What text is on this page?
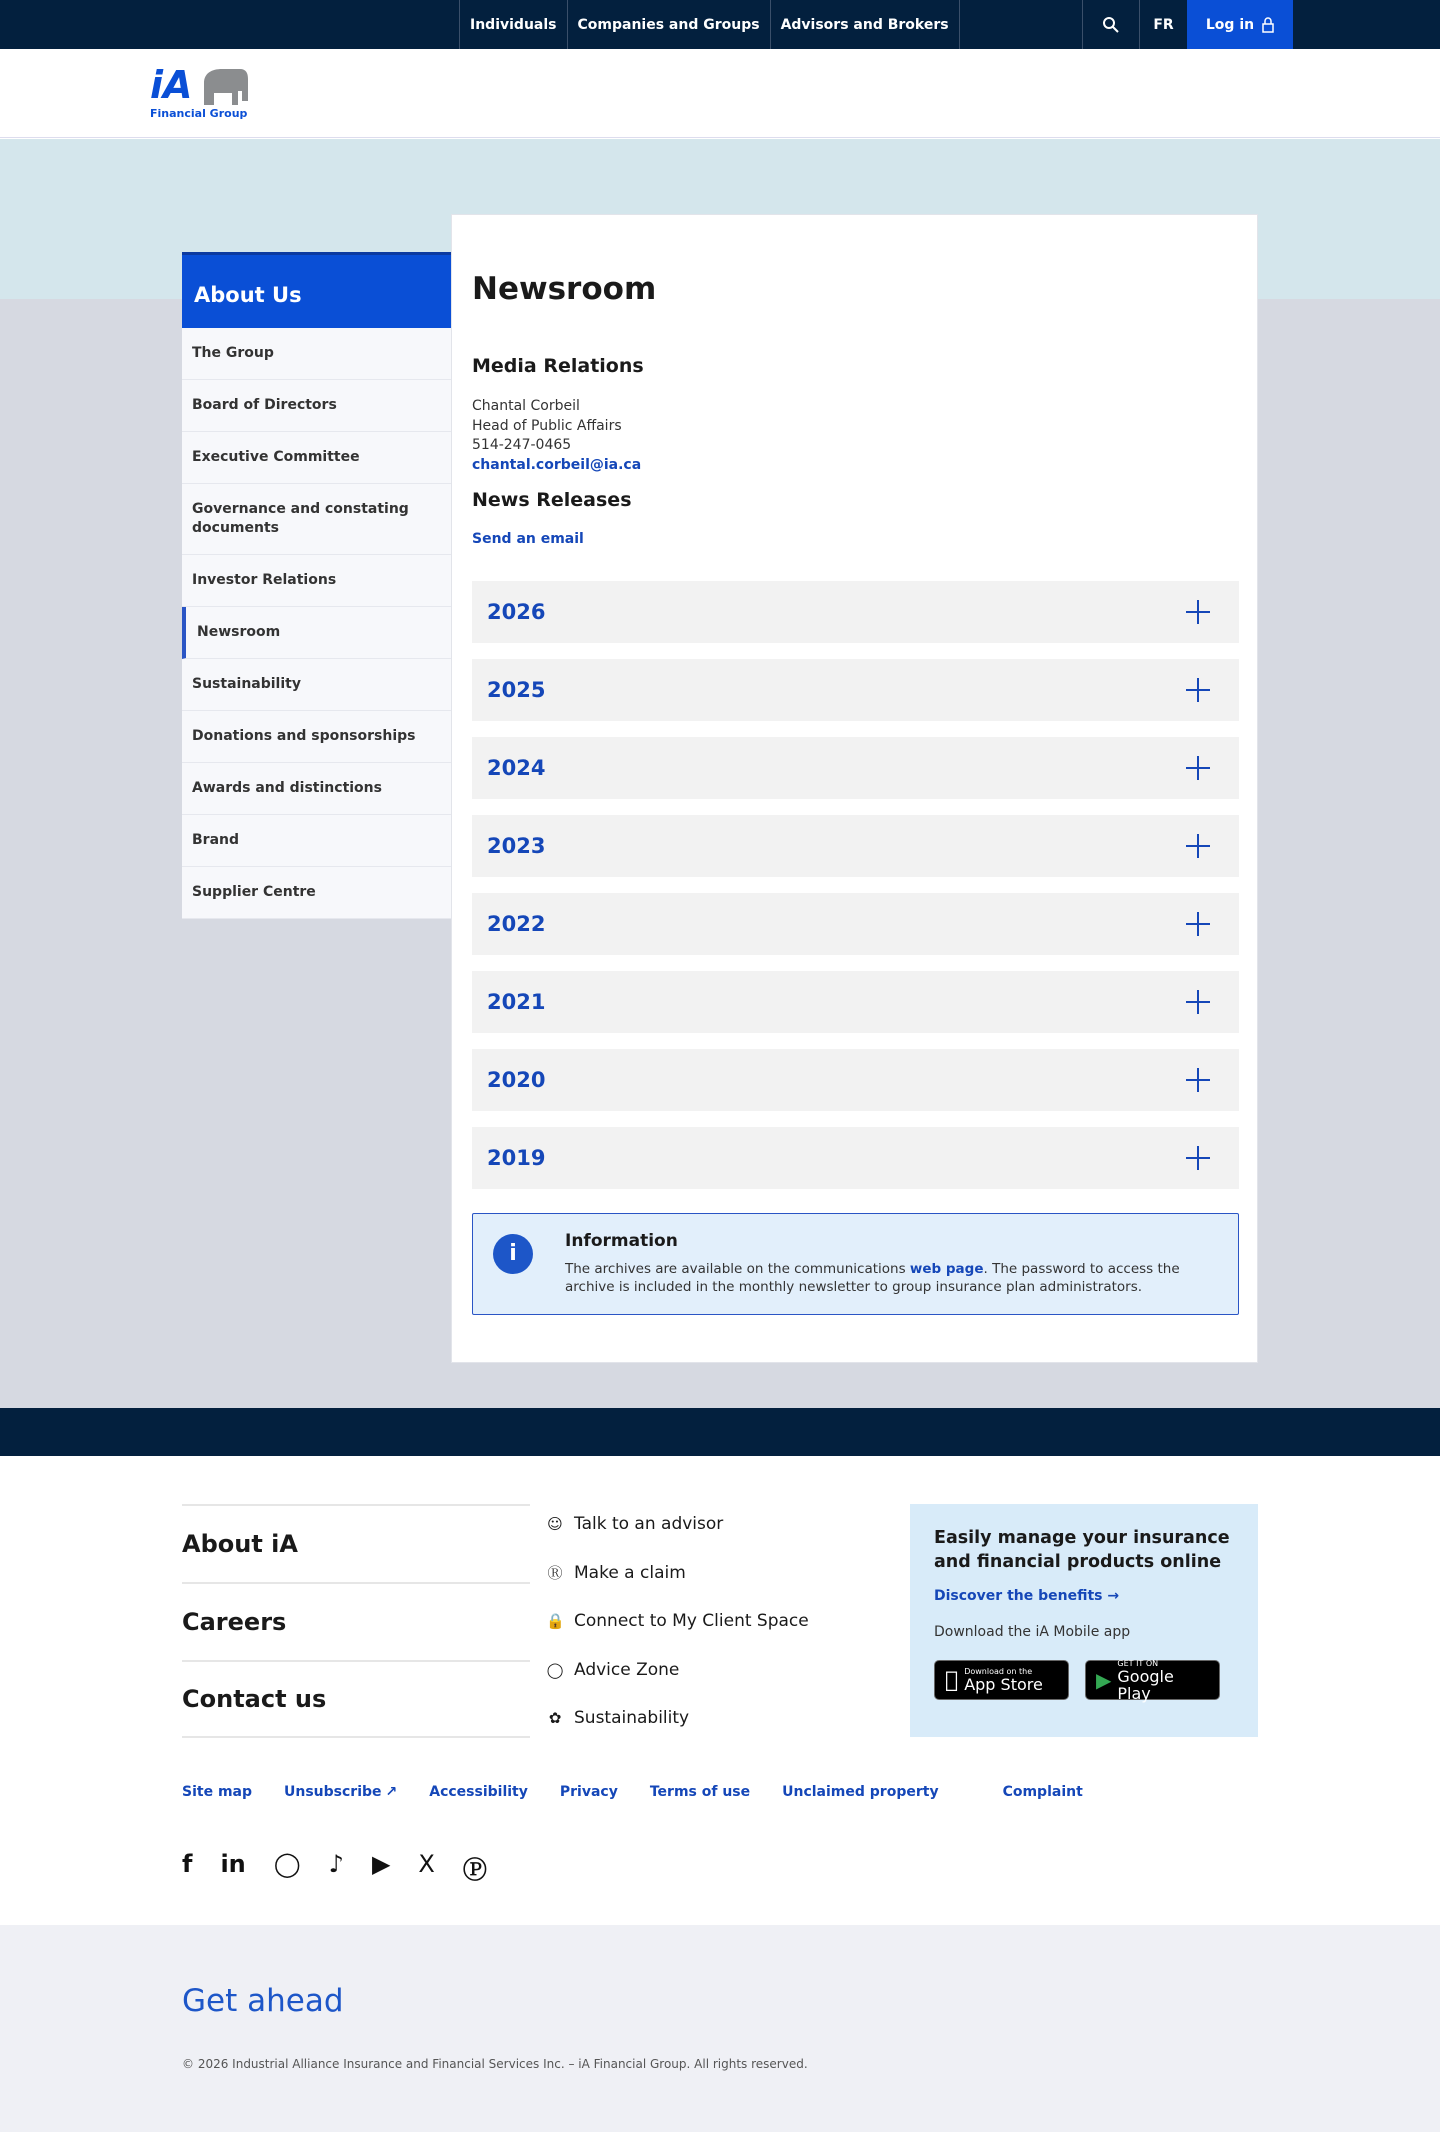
Individuals	Companies and Groups	Advisors and Brokers	FR	Log in
iA
Financial Group
About Us
The Group
Board of Directors
Executive Committee
Governance and constating documents
Investor Relations
Newsroom
Sustainability
Donations and sponsorships
Awards and distinctions
Brand
Supplier Centre
Newsroom
Media Relations
Chantal Corbeil
Head of Public Affairs
514-247-0465
chantal.corbeil@ia.ca
News Releases
Send an email
2026
2025
2024
2023
2022
2021
2020
2019
i	Information
The archives are available on the communications web page. The password to access the archive is included in the monthly newsletter to group insurance plan administrators.
About iA
Careers
Contact us
☺ Talk to an advisor
Ⓡ Make a claim
🔒 Connect to My Client Space
◯ Advice Zone
✿ Sustainability
Easily manage your insurance and financial products online
Discover the benefits →
Download the iA Mobile app
Download on the
App Store	▶
GET IT ON
Google Play
Site map Unsubscribe ↗ Accessibility Privacy Terms of use Unclaimed property	Complaint
f in ◯ ♪ ▶ X Ⓟ
Get ahead
© 2026 Industrial Alliance Insurance and Financial Services Inc. – iA Financial Group. All rights reserved.
